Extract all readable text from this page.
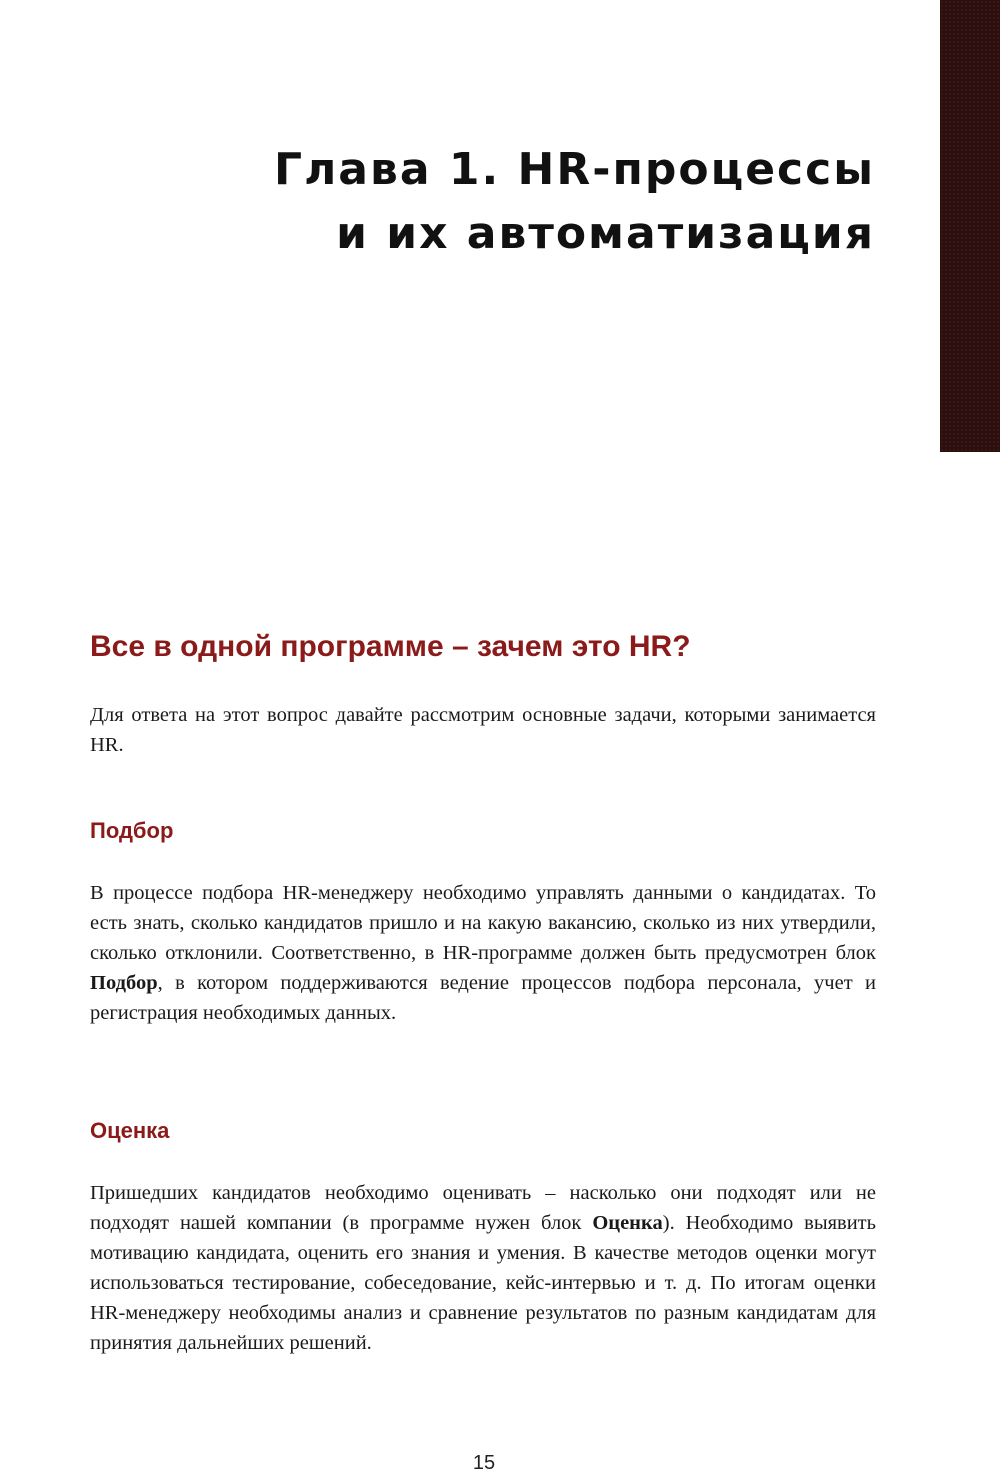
Глава 1. HR-процессы
и их автоматизация
Все в одной программе – зачем это HR?

Для ответа на этот вопрос давайте рассмотрим основные задачи, которыми занимается HR.

Подбор

В процессе подбора HR-менеджеру необходимо управлять данными о кандидатах. То есть знать, сколько кандидатов пришло и на какую вакансию, сколько из них утвердили, сколько отклонили. Соответственно, в HR-программе должен быть предусмотрен блок Подбор, в котором поддерживаются ведение процессов подбора персонала, учет и регистрация необходимых данных.

Оценка

Пришедших кандидатов необходимо оценивать – насколько они подходят или не подходят нашей компании (в программе нужен блок Оценка). Необходимо выявить мотивацию кандидата, оценить его знания и умения. В качестве методов оценки могут использоваться тестирование, собеседование, кейс-интервью и т. д. По итогам оценки HR-менеджеру необходимы анализ и сравнение результатов по разным кандидатам для принятия дальнейших решений.

15
